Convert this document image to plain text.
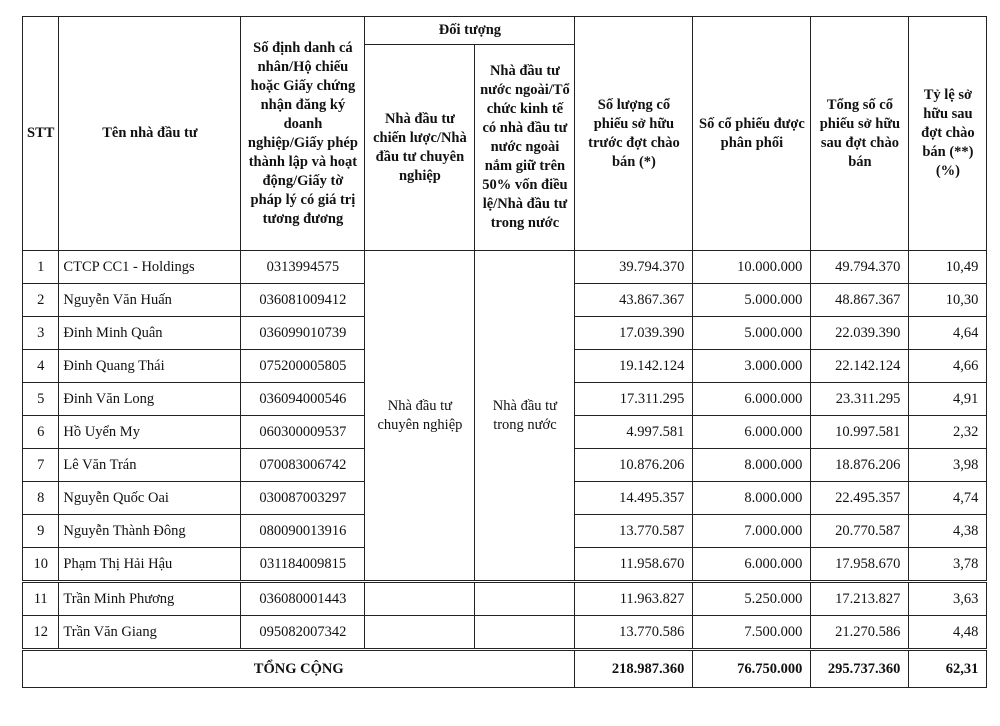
STT	Tên nhà đầu tư	Số định danh cá nhân/Hộ chiếu hoặc Giấy chứng nhận đăng ký doanh nghiệp/Giấy phép thành lập và hoạt động/Giấy tờ pháp lý có giá trị tương đương	Đối tượng		Số lượng cổ phiếu sở hữu trước đợt chào bán (*)	Số cổ phiếu được phân phối	Tổng số cổ phiếu sở hữu sau đợt chào bán	Tỷ lệ sở hữu sau đợt chào bán (**) (%)
			Nhà đầu tư chiến lược/Nhà đầu tư chuyên nghiệp	Nhà đầu tư nước ngoài/Tổ chức kinh tế có nhà đầu tư nước ngoài nắm giữ trên 50% vốn điều lệ/Nhà đầu tư trong nước				
1	CTCP CC1 - Holdings	0313994575	Nhà đầu tư chuyên nghiệp	Nhà đầu tư trong nước	39.794.370	10.000.000	49.794.370	10,49
2	Nguyễn Văn Huấn	036081009412			43.867.367	5.000.000	48.867.367	10,30
3	Đinh Minh Quân	036099010739			17.039.390	5.000.000	22.039.390	4,64
4	Đinh Quang Thái	075200005805			19.142.124	3.000.000	22.142.124	4,66
5	Đinh Văn Long	036094000546			17.311.295	6.000.000	23.311.295	4,91
6	Hồ Uyển My	060300009537			4.997.581	6.000.000	10.997.581	2,32
7	Lê Văn Trán	070083006742			10.876.206	8.000.000	18.876.206	3,98
8	Nguyễn Quốc Oai	030087003297			14.495.357	8.000.000	22.495.357	4,74
9	Nguyễn Thành Đông	080090013916			13.770.587	7.000.000	20.770.587	4,38
10	Phạm Thị Hải Hậu	031184009815			11.958.670	6.000.000	17.958.670	3,78
11	Trần Minh Phương	036080001443			11.963.827	5.250.000	17.213.827	3,63
12	Trần Văn Giang	095082007342			13.770.586	7.500.000	21.270.586	4,48
TỔNG CỘNG					218.987.360	76.750.000	295.737.360	62,31
